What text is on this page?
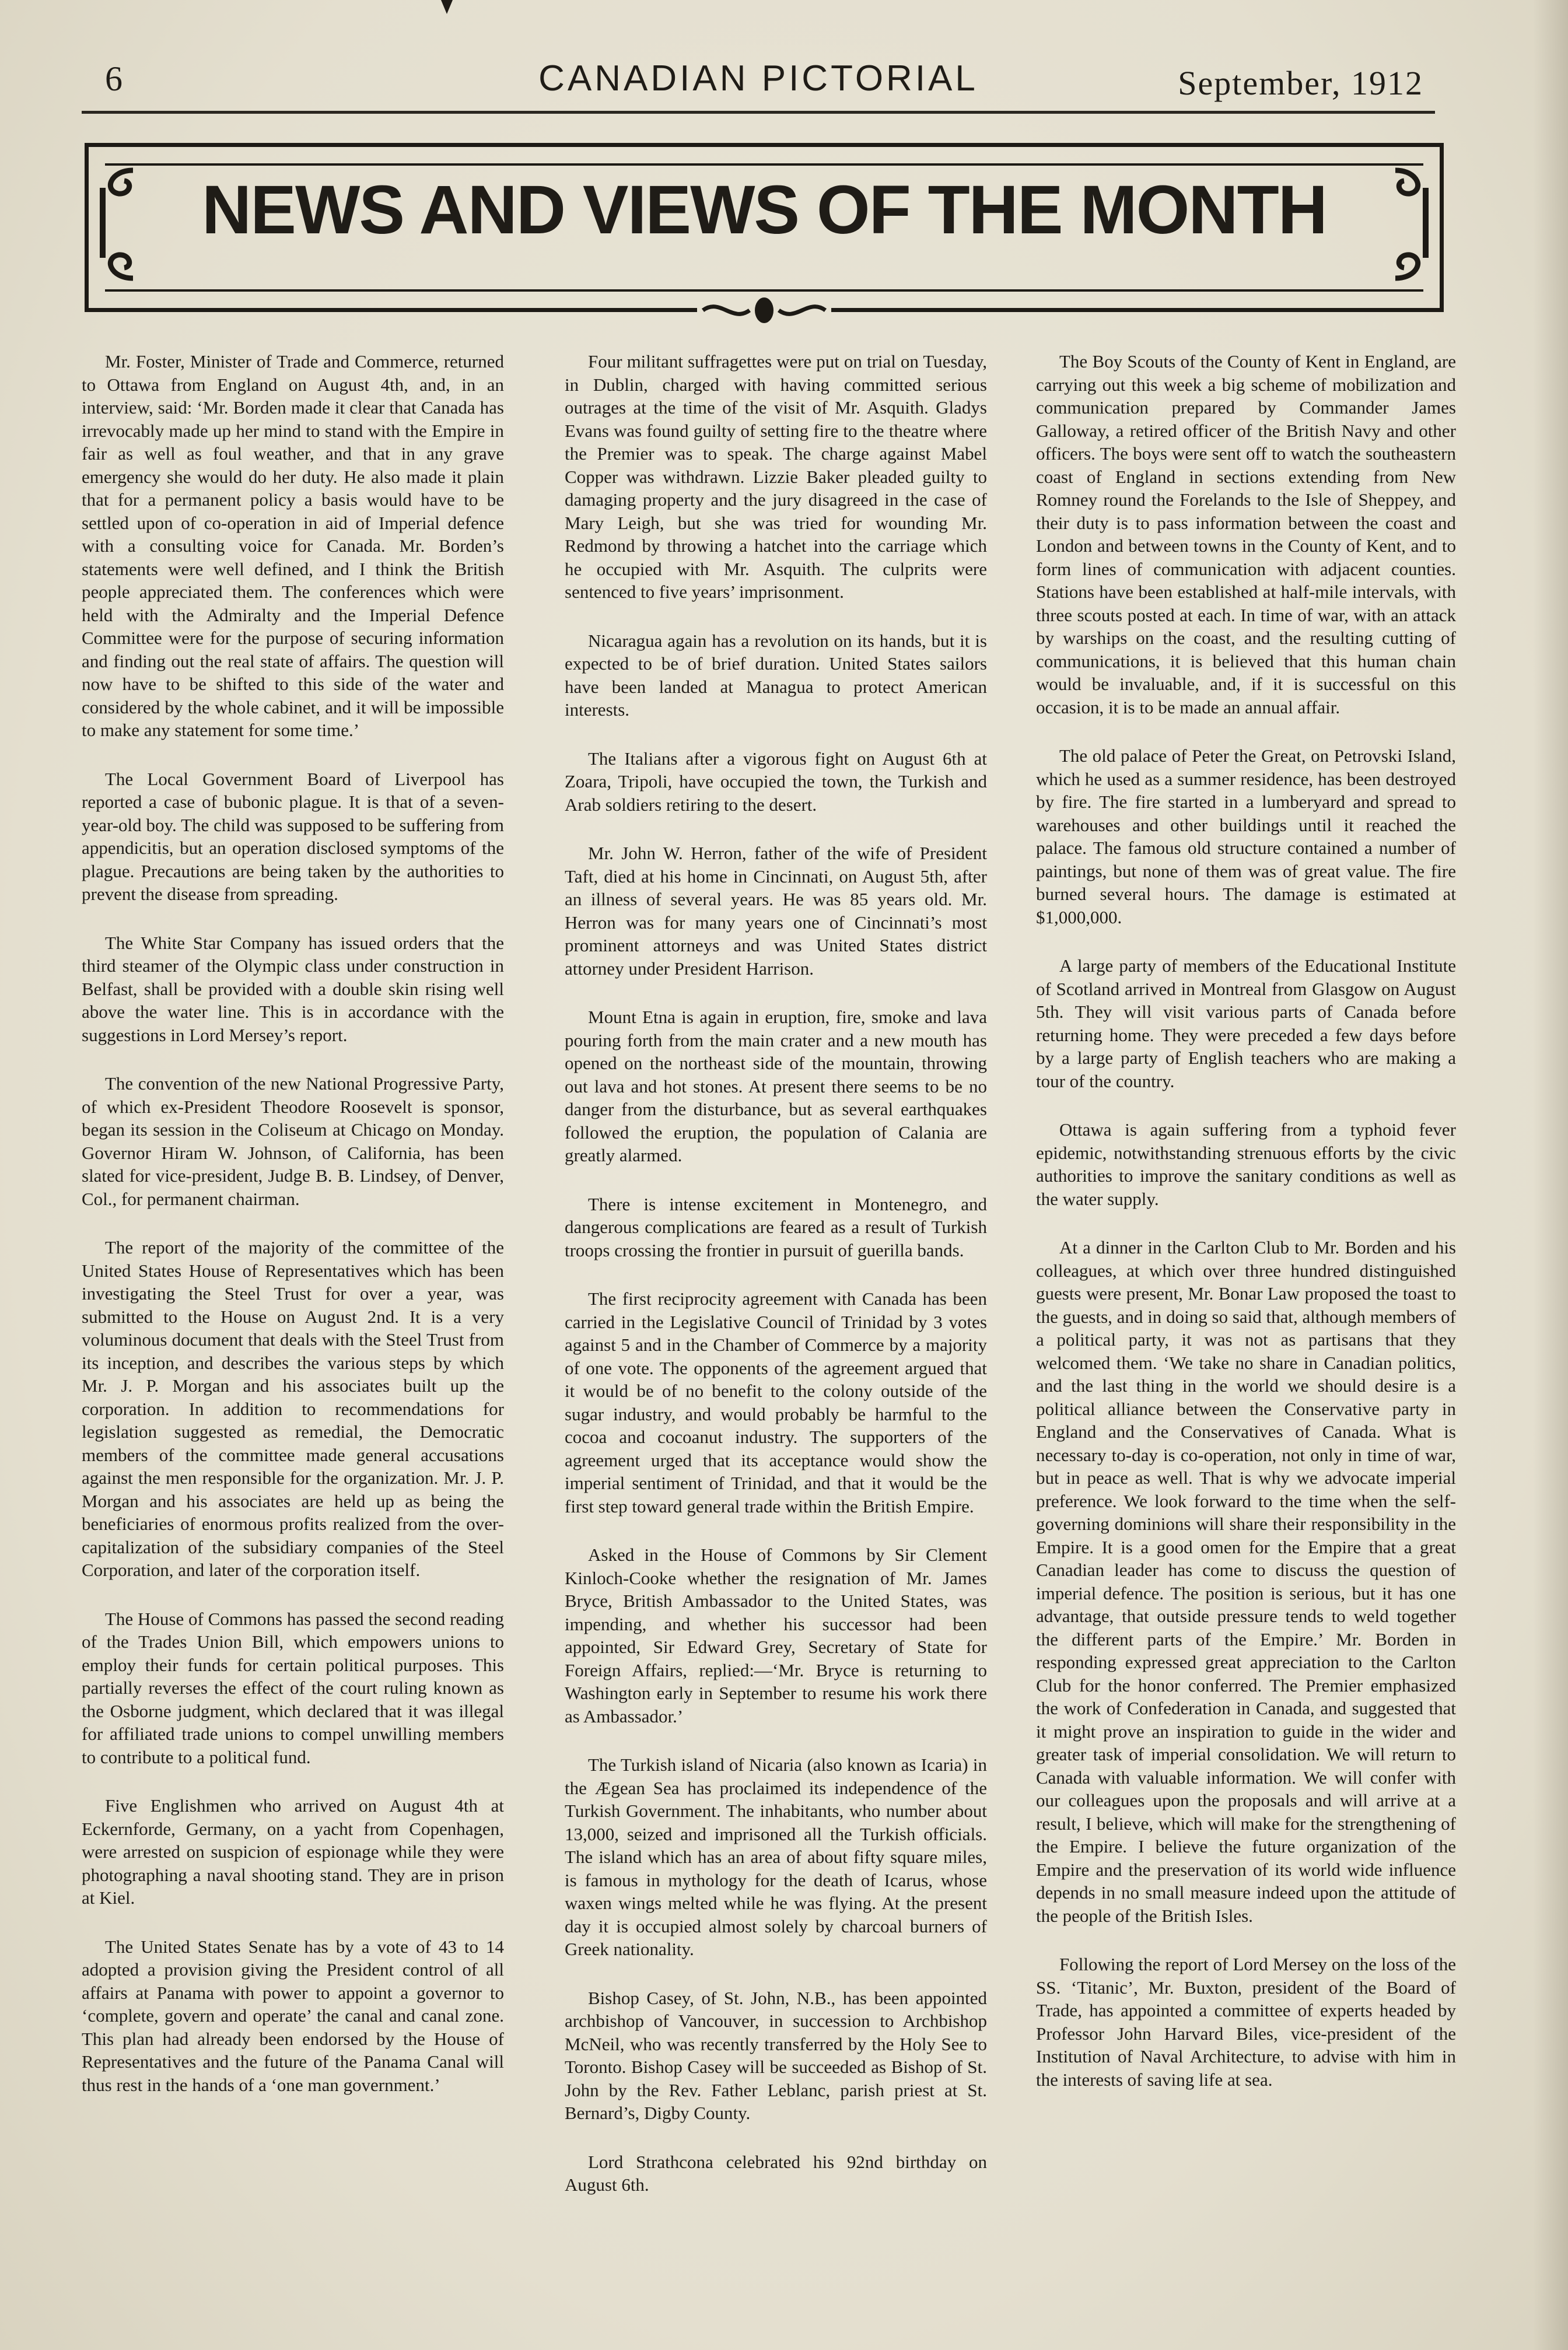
6	CANADIAN PICTORIAL	September, 1912
NEWS AND VIEWS OF THE MONTH

Mr. Foster, Minister of Trade and Commerce, returned to Ottawa from England on August 4th, and, in an interview, said: ‘Mr. Borden made it clear that Canada has irrevocably made up her mind to stand with the Empire in fair as well as foul weather, and that in any grave emergency she would do her duty. He also made it plain that for a permanent policy a basis would have to be settled upon of co-operation in aid of Imperial defence with a consulting voice for Canada. Mr. Borden’s statements were well defined, and I think the British people appreciated them. The conferences which were held with the Admiralty and the Imperial Defence Committee were for the purpose of securing information and finding out the real state of affairs. The question will now have to be shifted to this side of the water and considered by the whole cabinet, and it will be impossible to make any statement for some time.’

The Local Government Board of Liverpool has reported a case of bubonic plague. It is that of a seven-year-old boy. The child was supposed to be suffering from appendicitis, but an operation disclosed symptoms of the plague. Precautions are being taken by the authorities to prevent the disease from spreading.

The White Star Company has issued orders that the third steamer of the Olympic class under construction in Belfast, shall be provided with a double skin rising well above the water line. This is in accordance with the suggestions in Lord Mersey’s report.

The convention of the new National Progressive Party, of which ex-President Theodore Roosevelt is sponsor, began its session in the Coliseum at Chicago on Monday. Governor Hiram W. Johnson, of California, has been slated for vice-president, Judge B. B. Lindsey, of Denver, Col., for permanent chairman.

The report of the majority of the committee of the United States House of Representatives which has been investigating the Steel Trust for over a year, was submitted to the House on August 2nd. It is a very voluminous document that deals with the Steel Trust from its inception, and describes the various steps by which Mr. J. P. Morgan and his associates built up the corporation. In addition to recommendations for legislation suggested as remedial, the Democratic members of the committee made general accusations against the men responsible for the organization. Mr. J. P. Morgan and his associates are held up as being the beneficiaries of enormous profits realized from the over-capitalization of the subsidiary companies of the Steel Corporation, and later of the corporation itself.

The House of Commons has passed the second reading of the Trades Union Bill, which empowers unions to employ their funds for certain political purposes. This partially reverses the effect of the court ruling known as the Osborne judgment, which declared that it was illegal for affiliated trade unions to compel unwilling members to contribute to a political fund.

Five Englishmen who arrived on August 4th at Eckernforde, Germany, on a yacht from Copenhagen, were arrested on suspicion of espionage while they were photographing a naval shooting stand. They are in prison at Kiel.

The United States Senate has by a vote of 43 to 14 adopted a provision giving the President control of all affairs at Panama with power to appoint a governor to ‘complete, govern and operate’ the canal and canal zone. This plan had already been endorsed by the House of Representatives and the future of the Panama Canal will thus rest in the hands of a ‘one man government.’

Four militant suffragettes were put on trial on Tuesday, in Dublin, charged with having committed serious outrages at the time of the visit of Mr. Asquith. Gladys Evans was found guilty of setting fire to the theatre where the Premier was to speak. The charge against Mabel Copper was withdrawn. Lizzie Baker pleaded guilty to damaging property and the jury disagreed in the case of Mary Leigh, but she was tried for wounding Mr. Redmond by throwing a hatchet into the carriage which he occupied with Mr. Asquith. The culprits were sentenced to five years’ imprisonment.

Nicaragua again has a revolution on its hands, but it is expected to be of brief duration. United States sailors have been landed at Managua to protect American interests.

The Italians after a vigorous fight on August 6th at Zoara, Tripoli, have occupied the town, the Turkish and Arab soldiers retiring to the desert.

Mr. John W. Herron, father of the wife of President Taft, died at his home in Cincinnati, on August 5th, after an illness of several years. He was 85 years old. Mr. Herron was for many years one of Cincinnati’s most prominent attorneys and was United States district attorney under President Harrison.

Mount Etna is again in eruption, fire, smoke and lava pouring forth from the main crater and a new mouth has opened on the northeast side of the mountain, throwing out lava and hot stones. At present there seems to be no danger from the disturbance, but as several earthquakes followed the eruption, the population of Calania are greatly alarmed.

There is intense excitement in Montenegro, and dangerous complications are feared as a result of Turkish troops crossing the frontier in pursuit of guerilla bands.

The first reciprocity agreement with Canada has been carried in the Legislative Council of Trinidad by 3 votes against 5 and in the Chamber of Commerce by a majority of one vote. The opponents of the agreement argued that it would be of no benefit to the colony outside of the sugar industry, and would probably be harmful to the cocoa and cocoanut industry. The supporters of the agreement urged that its acceptance would show the imperial sentiment of Trinidad, and that it would be the first step toward general trade within the British Empire.

Asked in the House of Commons by Sir Clement Kinloch-Cooke whether the resignation of Mr. James Bryce, British Ambassador to the United States, was impending, and whether his successor had been appointed, Sir Edward Grey, Secretary of State for Foreign Affairs, replied:—‘Mr. Bryce is returning to Washington early in September to resume his work there as Ambassador.’

The Turkish island of Nicaria (also known as Icaria) in the Ægean Sea has proclaimed its independence of the Turkish Government. The inhabitants, who number about 13,000, seized and imprisoned all the Turkish officials. The island which has an area of about fifty square miles, is famous in mythology for the death of Icarus, whose waxen wings melted while he was flying. At the present day it is occupied almost solely by charcoal burners of Greek nationality.

Bishop Casey, of St. John, N.B., has been appointed archbishop of Vancouver, in succession to Archbishop McNeil, who was recently transferred by the Holy See to Toronto. Bishop Casey will be succeeded as Bishop of St. John by the Rev. Father Leblanc, parish priest at St. Bernard’s, Digby County.

Lord Strathcona celebrated his 92nd birthday on August 6th.

The Boy Scouts of the County of Kent in England, are carrying out this week a big scheme of mobilization and communication prepared by Commander James Galloway, a retired officer of the British Navy and other officers. The boys were sent off to watch the southeastern coast of England in sections extending from New Romney round the Forelands to the Isle of Sheppey, and their duty is to pass information between the coast and London and between towns in the County of Kent, and to form lines of communication with adjacent counties. Stations have been established at half-mile intervals, with three scouts posted at each. In time of war, with an attack by warships on the coast, and the resulting cutting of communications, it is believed that this human chain would be invaluable, and, if it is successful on this occasion, it is to be made an annual affair.

The old palace of Peter the Great, on Petrovski Island, which he used as a summer residence, has been destroyed by fire. The fire started in a lumberyard and spread to warehouses and other buildings until it reached the palace. The famous old structure contained a number of paintings, but none of them was of great value. The fire burned several hours. The damage is estimated at $1,000,000.

A large party of members of the Educational Institute of Scotland arrived in Montreal from Glasgow on August 5th. They will visit various parts of Canada before returning home. They were preceded a few days before by a large party of English teachers who are making a tour of the country.

Ottawa is again suffering from a typhoid fever epidemic, notwithstanding strenuous efforts by the civic authorities to improve the sanitary conditions as well as the water supply.

At a dinner in the Carlton Club to Mr. Borden and his colleagues, at which over three hundred distinguished guests were present, Mr. Bonar Law proposed the toast to the guests, and in doing so said that, although members of a political party, it was not as partisans that they welcomed them. ‘We take no share in Canadian politics, and the last thing in the world we should desire is a political alliance between the Conservative party in England and the Conservatives of Canada. What is necessary to-day is co-operation, not only in time of war, but in peace as well. That is why we advocate imperial preference. We look forward to the time when the self-governing dominions will share their responsibility in the Empire. It is a good omen for the Empire that a great Canadian leader has come to discuss the question of imperial defence. The position is serious, but it has one advantage, that outside pressure tends to weld together the different parts of the Empire.’ Mr. Borden in responding expressed great appreciation to the Carlton Club for the honor conferred. The Premier emphasized the work of Confederation in Canada, and suggested that it might prove an inspiration to guide in the wider and greater task of imperial consolidation. We will return to Canada with valuable information. We will confer with our colleagues upon the proposals and will arrive at a result, I believe, which will make for the strengthening of the Empire. I believe the future organization of the Empire and the preservation of its world wide influence depends in no small measure indeed upon the attitude of the people of the British Isles.

Following the report of Lord Mersey on the loss of the SS. ‘Titanic’, Mr. Buxton, president of the Board of Trade, has appointed a committee of experts headed by Professor John Harvard Biles, vice-president of the Institution of Naval Architecture, to advise with him in the interests of saving life at sea.
